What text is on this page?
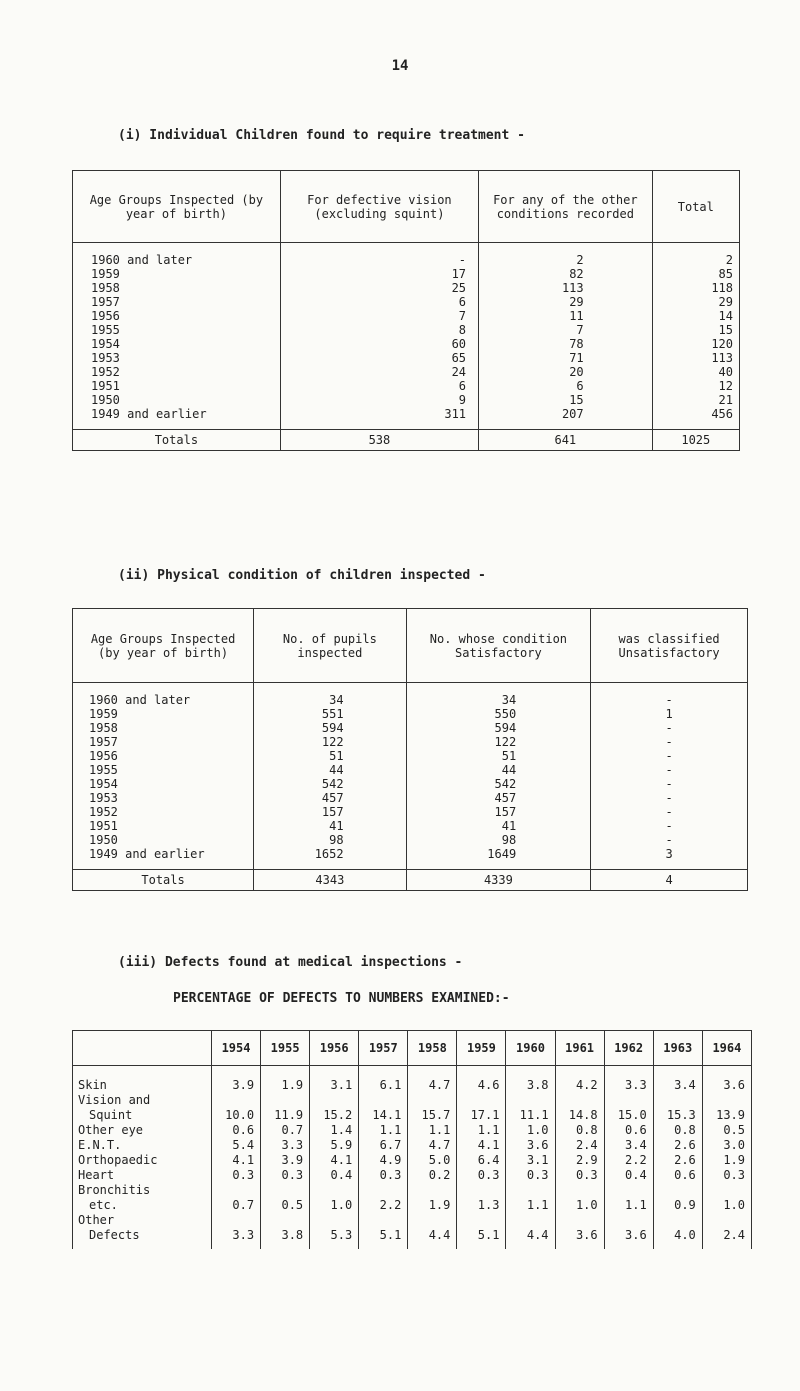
14
(i) Individual Children found to require treatment -
Age Groups Inspected (by year of birth)	For defective vision (excluding squint)	For any of the other conditions recorded	Total
1960 and later	-	2	2
1959	17	82	85
1958	25	113	118
1957	6	29	29
1956	7	11	14
1955	8	7	15
1954	60	78	120
1953	65	71	113
1952	24	20	40
1951	6	6	12
1950	9	15	21
1949 and earlier	311	207	456
Totals	538	641	1025
(ii) Physical condition of children inspected -
Age Groups Inspected (by year of birth)	No. of pupils inspected	No. whose condition Satisfactory	was classified Unsatisfactory
1960 and later	34	34	-
1959	551	550	1
1958	594	594	-
1957	122	122	-
1956	51	51	-
1955	44	44	-
1954	542	542	-
1953	457	457	-
1952	157	157	-
1951	41	41	-
1950	98	98	-
1949 and earlier	1652	1649	3
Totals	4343	4339	4
(iii) Defects found at medical inspections -
PERCENTAGE OF DEFECTS TO NUMBERS EXAMINED:-
	1954	1955	1956	1957	1958	1959	1960	1961	1962	1963	1964

Skin	3.9	1.9	3.1	6.1	4.7	4.6	3.8	4.2	3.3	3.4	3.6

Vision and
Squint	10.0	11.9	15.2	14.1	15.7	17.1	11.1	14.8	15.0	15.3	13.9

Other eye	0.6	0.7	1.4	1.1	1.1	1.1	1.0	0.8	0.6	0.8	0.5

E.N.T.	5.4	3.3	5.9	6.7	4.7	4.1	3.6	2.4	3.4	2.6	3.0

Orthopaedic	4.1	3.9	4.1	4.9	5.0	6.4	3.1	2.9	2.2	2.6	1.9

Heart	0.3	0.3	0.4	0.3	0.2	0.3	0.3	0.3	0.4	0.6	0.3

Bronchitis
etc.	0.7	0.5	1.0	2.2	1.9	1.3	1.1	1.0	1.1	0.9	1.0

Other
Defects	3.3	3.8	5.3	5.1	4.4	5.1	4.4	3.6	3.6	4.0	2.4
